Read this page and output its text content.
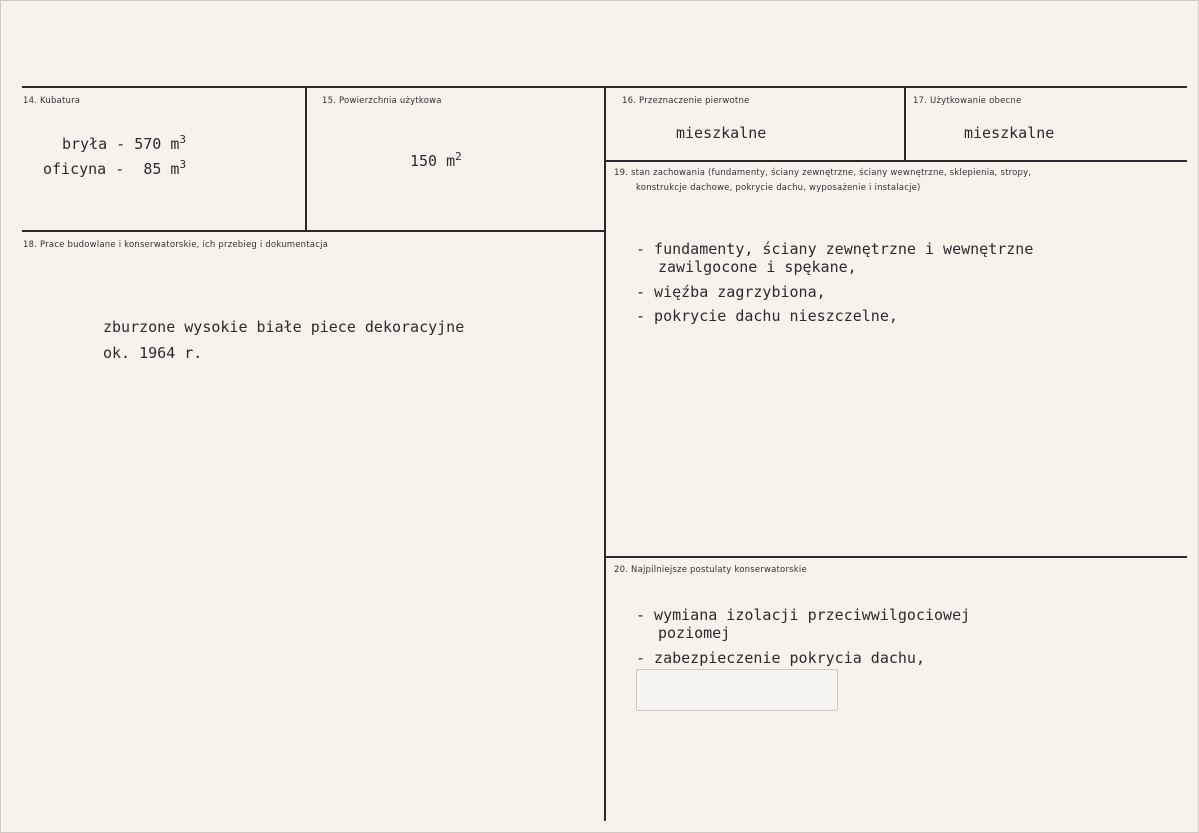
14. Kubatura
bryła - 570 $m^3$
oficyna - 85 $m^3$
15. Powierzchnia użytkowa
150 $m^2$
16. Przeznaczenie pierwotne
mieszkalne
17. Użytkowanie obecne
mieszkalne
18. Prace budowlane i konserwatorskie, ich przebieg i dokumentacja
zburzone wysokie białe piece dekoracyjne
ok. 1964 r.
19. stan zachowania (fundamenty, ściany zewnętrzne, ściany wewnętrzne, sklepienia, stropy,
konstrukcje dachowe, pokrycie dachu, wyposażenie i instalacje)
- fundamenty, ściany zewnętrzne i wewnętrzne
zawilgocone i spękane,
- więźba zagrzybiona,
- pokrycie dachu nieszczelne,
20. Najpilniejsze postulaty konserwatorskie
- wymiana izolacji przeciwwilgociowej
poziomej
- zabezpieczenie pokrycia dachu,
